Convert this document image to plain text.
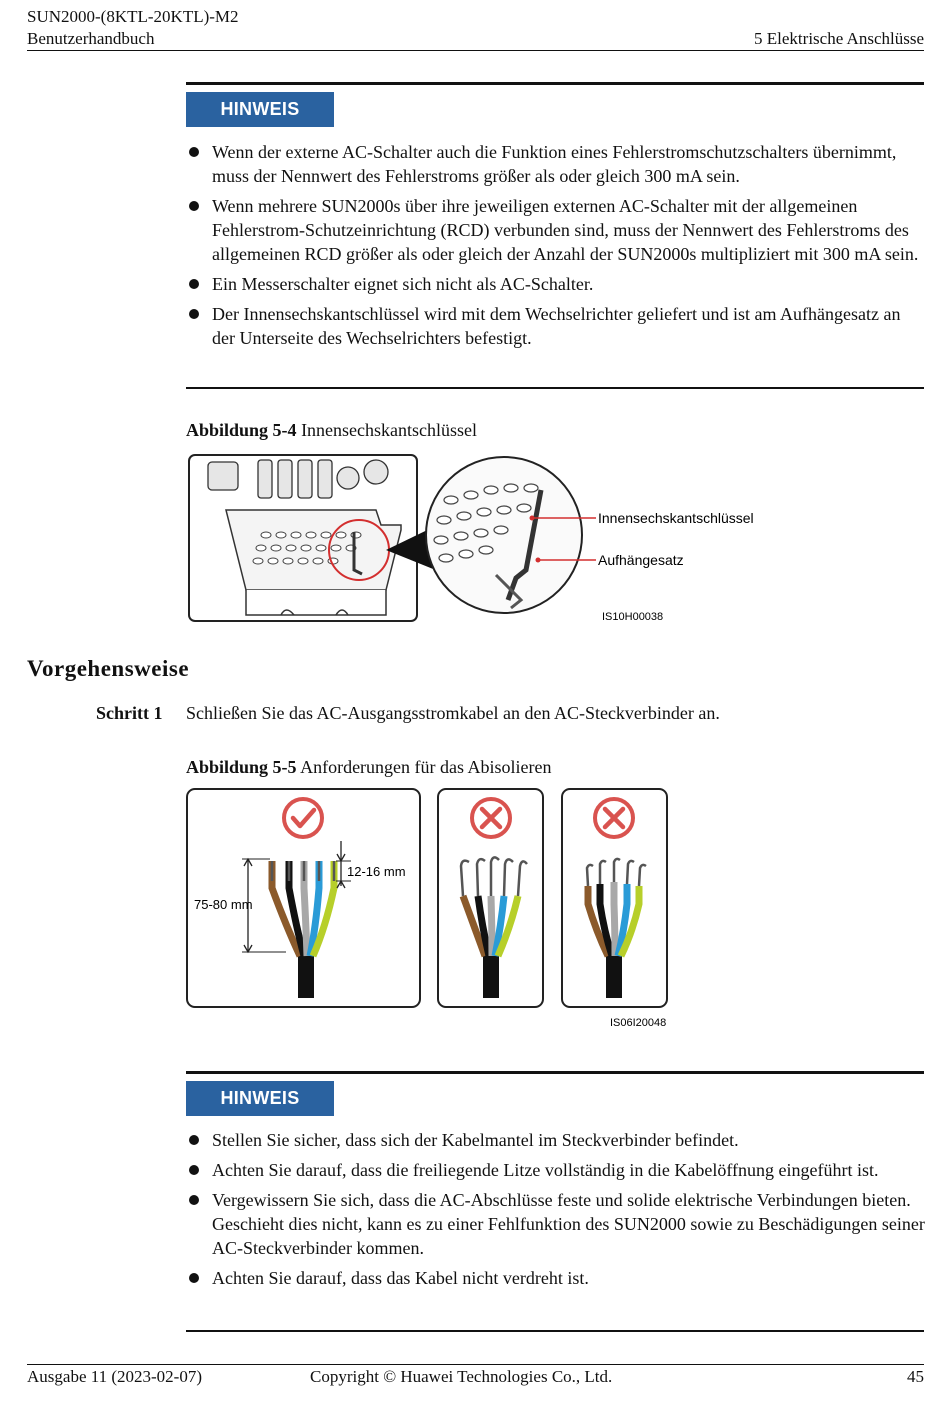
SUN2000-(8KTL-20KTL)-M2
Benutzerhandbuch	5 Elektrische Anschlüsse
HINWEIS
Wenn der externe AC-Schalter auch die Funktion eines Fehlerstromschutzschalters übernimmt, muss der Nennwert des Fehlerstroms größer als oder gleich 300 mA sein.
Wenn mehrere SUN2000s über ihre jeweiligen externen AC-Schalter mit der allgemeinen Fehlerstrom-Schutzeinrichtung (RCD) verbunden sind, muss der Nennwert des Fehlerstroms des allgemeinen RCD größer als oder gleich der Anzahl der SUN2000s multipliziert mit 300 mA sein.
Ein Messerschalter eignet sich nicht als AC-Schalter.
Der Innensechskantschlüssel wird mit dem Wechselrichter geliefert und ist am Aufhängesatz an der Unterseite des Wechselrichters befestigt.
Abbildung 5-4 Innensechskantschlüssel
Innensechskantschlüssel
Aufhängesatz
IS10H00038
Vorgehensweise
Schritt 1 Schließen Sie das AC-Ausgangsstromkabel an den AC-Steckverbinder an.
Abbildung 5-5 Anforderungen für das Abisolieren
75-80 mm
12-16 mm
IS06I20048
HINWEIS
Stellen Sie sicher, dass sich der Kabelmantel im Steckverbinder befindet.
Achten Sie darauf, dass die freiliegende Litze vollständig in die Kabelöffnung eingeführt ist.
Vergewissern Sie sich, dass die AC-Abschlüsse feste und solide elektrische Verbindungen bieten. Geschieht dies nicht, kann es zu einer Fehlfunktion des SUN2000 sowie zu Beschädigungen seiner AC-Steckverbinder kommen.
Achten Sie darauf, dass das Kabel nicht verdreht ist.
Ausgabe 11 (2023-02-07)	Copyright © Huawei Technologies Co., Ltd.	45
